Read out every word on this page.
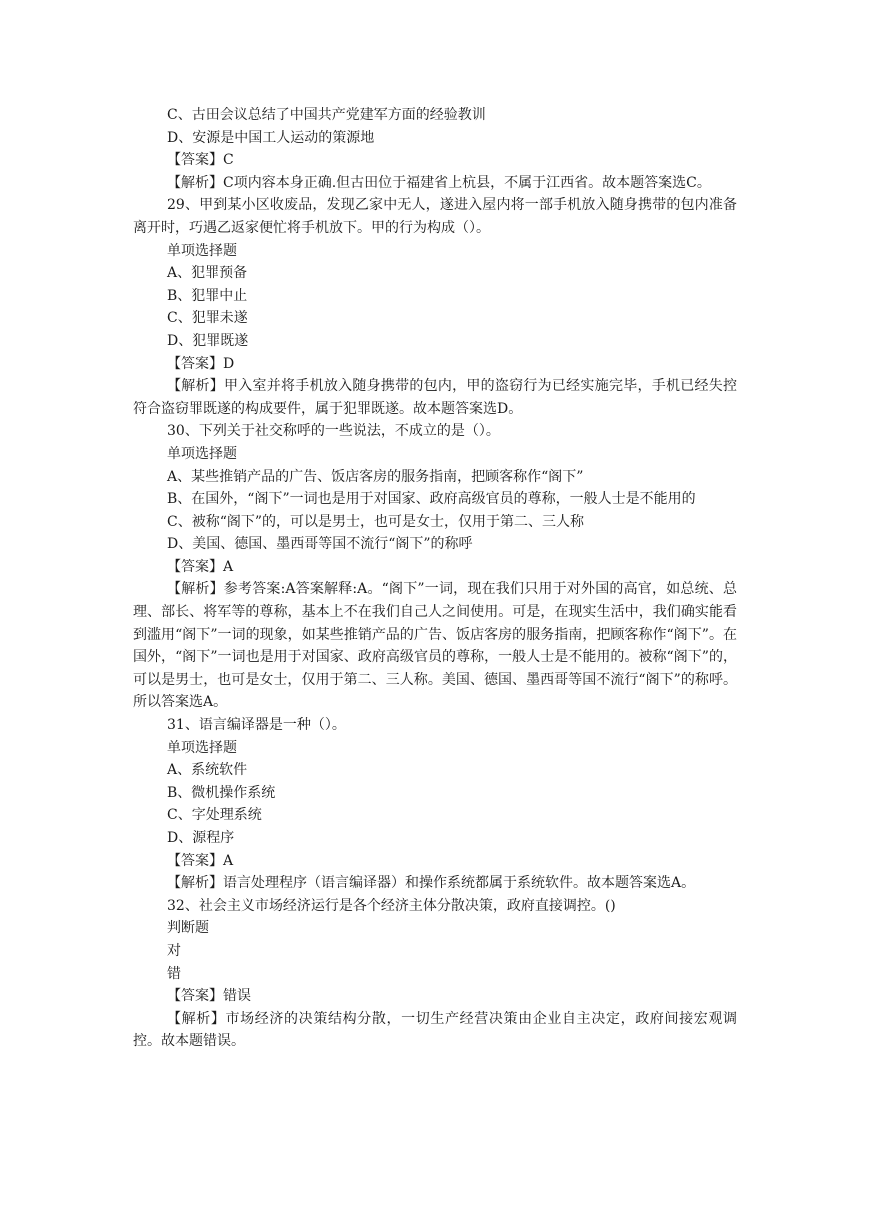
C、古田会议总结了中国共产党建军方面的经验教训

D、安源是中国工人运动的策源地

【答案】C

【解析】C项内容本身正确.但古田位于福建省上杭县，不属于江西省。故本题答案选C。

29、甲到某小区收废品，发现乙家中无人，遂进入屋内将一部手机放入随身携带的包内准备离开时，巧遇乙返家便忙将手机放下。甲的行为构成（）。

单项选择题

A、犯罪预备

B、犯罪中止

C、犯罪未遂

D、犯罪既遂

【答案】D

【解析】甲入室并将手机放入随身携带的包内，甲的盗窃行为已经实施完毕，手机已经失控符合盗窃罪既遂的构成要件，属于犯罪既遂。故本题答案选D。

30、下列关于社交称呼的一些说法，不成立的是（）。

单项选择题

A、某些推销产品的广告、饭店客房的服务指南，把顾客称作“阁下”

B、在国外，“阁下”一词也是用于对国家、政府高级官员的尊称，一般人士是不能用的

C、被称“阁下”的，可以是男士，也可是女士，仅用于第二、三人称

D、美国、德国、墨西哥等国不流行“阁下”的称呼

【答案】A

【解析】参考答案:A答案解释:A。“阁下”一词，现在我们只用于对外国的高官，如总统、总理、部长、将军等的尊称，基本上不在我们自己人之间使用。可是，在现实生活中，我们确实能看到滥用“阁下”一词的现象，如某些推销产品的广告、饭店客房的服务指南，把顾客称作“阁下”。在国外，“阁下”一词也是用于对国家、政府高级官员的尊称，一般人士是不能用的。被称“阁下”的，可以是男士，也可是女士，仅用于第二、三人称。美国、德国、墨西哥等国不流行“阁下”的称呼。所以答案选A。

31、语言编译器是一种（）。

单项选择题

A、系统软件

B、微机操作系统

C、字处理系统

D、源程序

【答案】A

【解析】语言处理程序（语言编译器）和操作系统都属于系统软件。故本题答案选A。

32、社会主义市场经济运行是各个经济主体分散决策，政府直接调控。()

判断题

对

错

【答案】错误

【解析】市场经济的决策结构分散，一切生产经营决策由企业自主决定，政府间接宏观调控。故本题错误。
